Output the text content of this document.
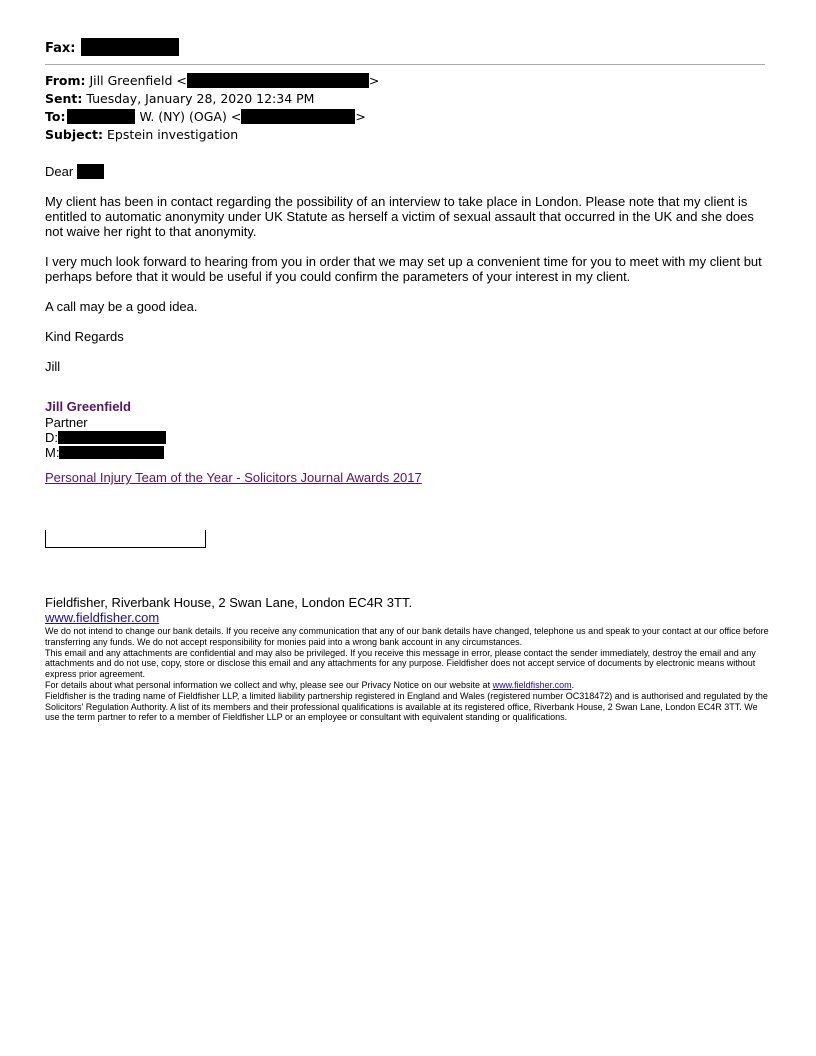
Fax:
From: Jill Greenfield <	>
Sent: Tuesday, January 28, 2020 12:34 PM
To:	W. (NY) (OGA) <	>
Subject: Epstein investigation
Dear
My client has been in contact regarding the possibility of an interview to take place in London. Please note that my client is entitled to automatic anonymity under UK Statute as herself a victim of sexual assault that occurred in the UK and she does not waive her right to that anonymity.
I very much look forward to hearing from you in order that we may set up a convenient time for you to meet with my client but perhaps before that it would be useful if you could confirm the parameters of your interest in my client.
A call may be a good idea.
Kind Regards
Jill
Jill Greenfield
Partner
D:
M:
Personal Injury Team of the Year - Solicitors Journal Awards 2017
Fieldfisher, Riverbank House, 2 Swan Lane, London EC4R 3TT.
www.fieldfisher.com

We do not intend to change our bank details. If you receive any communication that any of our bank details have changed, telephone us and speak to your contact at our office before transferring any funds. We do not accept responsibility for monies paid into a wrong bank account in any circumstances.

This email and any attachments are confidential and may also be privileged. If you receive this message in error, please contact the sender immediately, destroy the email and any attachments and do not use, copy, store or disclose this email and any attachments for any purpose. Fieldfisher does not accept service of documents by electronic means without express prior agreement.

For details about what personal information we collect and why, please see our Privacy Notice on our website at www.fieldfisher.com.

Fieldfisher is the trading name of Fieldfisher LLP, a limited liability partnership registered in England and Wales (registered number OC318472) and is authorised and regulated by the Solicitors' Regulation Authority. A list of its members and their professional qualifications is available at its registered office, Riverbank House, 2 Swan Lane, London EC4R 3TT. We use the term partner to refer to a member of Fieldfisher LLP or an employee or consultant with equivalent standing or qualifications.
